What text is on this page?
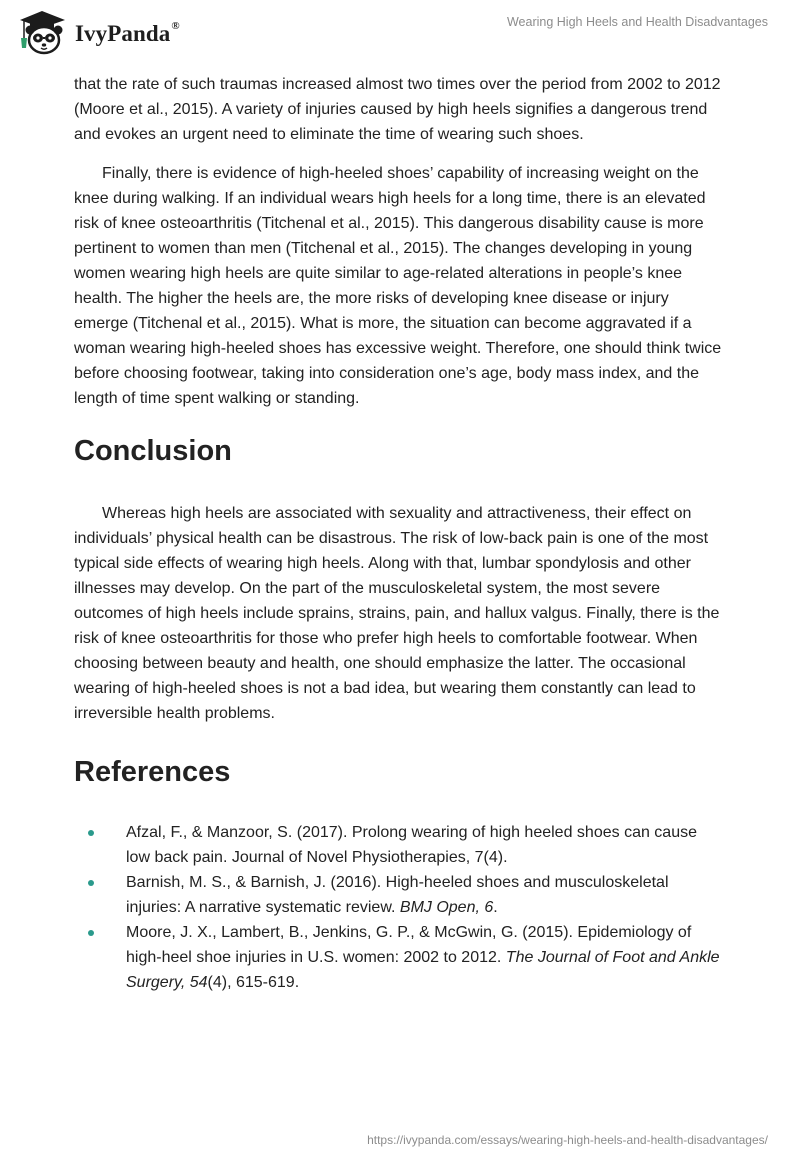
IvyPanda®	Wearing High Heels and Health Disadvantages

that the rate of such traumas increased almost two times over the period from 2002 to 2012 (Moore et al., 2015). A variety of injuries caused by high heels signifies a dangerous trend and evokes an urgent need to eliminate the time of wearing such shoes.

Finally, there is evidence of high-heeled shoes’ capability of increasing weight on the knee during walking. If an individual wears high heels for a long time, there is an elevated risk of knee osteoarthritis (Titchenal et al., 2015). This dangerous disability cause is more pertinent to women than men (Titchenal et al., 2015). The changes developing in young women wearing high heels are quite similar to age-related alterations in people’s knee health. The higher the heels are, the more risks of developing knee disease or injury emerge (Titchenal et al., 2015). What is more, the situation can become aggravated if a woman wearing high-heeled shoes has excessive weight. Therefore, one should think twice before choosing footwear, taking into consideration one’s age, body mass index, and the length of time spent walking or standing.

Conclusion

Whereas high heels are associated with sexuality and attractiveness, their effect on individuals’ physical health can be disastrous. The risk of low-back pain is one of the most typical side effects of wearing high heels. Along with that, lumbar spondylosis and other illnesses may develop. On the part of the musculoskeletal system, the most severe outcomes of high heels include sprains, strains, pain, and hallux valgus. Finally, there is the risk of knee osteoarthritis for those who prefer high heels to comfortable footwear. When choosing between beauty and health, one should emphasize the latter. The occasional wearing of high-heeled shoes is not a bad idea, but wearing them constantly can lead to irreversible health problems.

References
Afzal, F., & Manzoor, S. (2017). Prolong wearing of high heeled shoes can cause low back pain. Journal of Novel Physiotherapies, 7(4).
Barnish, M. S., & Barnish, J. (2016). High-heeled shoes and musculoskeletal injuries: A narrative systematic review. BMJ Open, 6.
Moore, J. X., Lambert, B., Jenkins, G. P., & McGwin, G. (2015). Epidemiology of high-heel shoe injuries in U.S. women: 2002 to 2012. The Journal of Foot and Ankle Surgery, 54(4), 615-619.
https://ivypanda.com/essays/wearing-high-heels-and-health-disadvantages/
